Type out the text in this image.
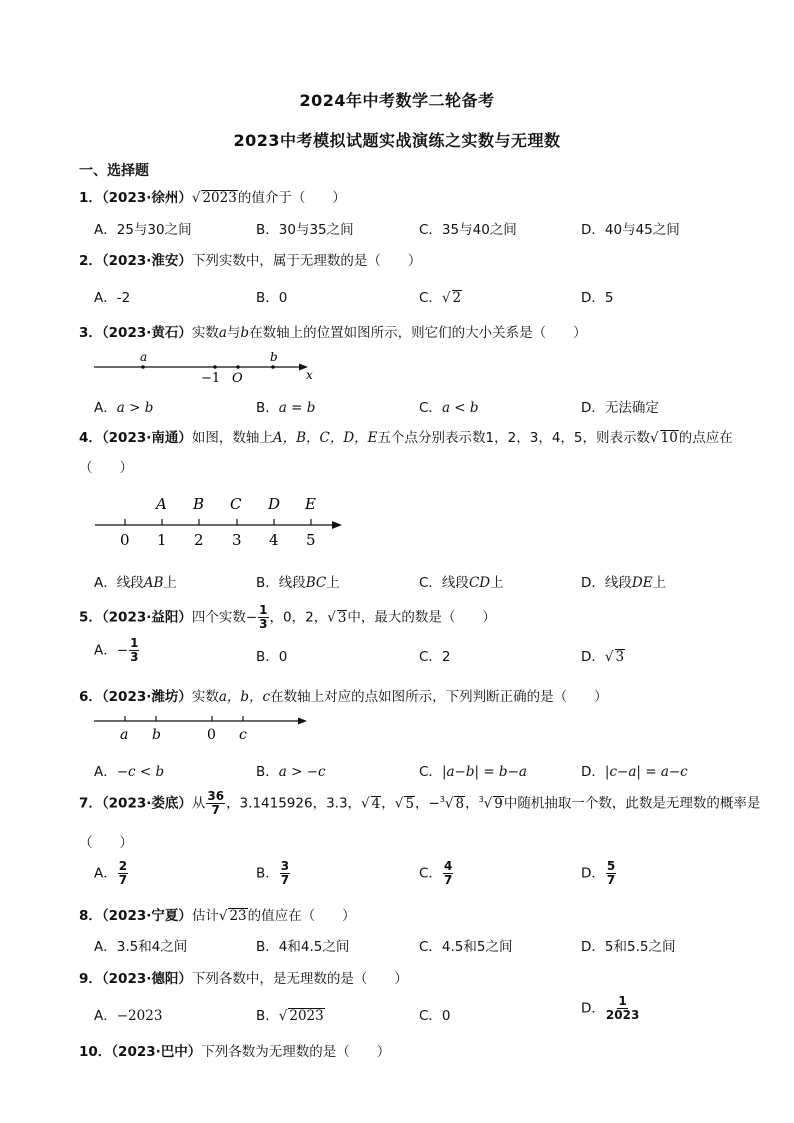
2024年中考数学二轮备考
2023中考模拟试题实战演练之实数与无理数
一、选择题
1．（2023·徐州）√ 2023的值介于（　　）
A．25与30之间	B．30与35之间	C．35与40之间	D．40与45之间
2．（2023·淮安）下列实数中，属于无理数的是（　　）
A．-2	B．0	C．√ 2	D．5
3．（2023·黄石）实数a与b在数轴上的位置如图所示，则它们的大小关系是（　　）
a	b
−1 O	x
A．a > b	B．a = b	C．a < b	D．无法确定
4．（2023·南通）如图，数轴上A，B，C，D，E五个点分别表示数1，2，3，4，5，则表示数√ 10的点应在
（　　）
A B C D E
0 1 2 3 4 5
A．线段AB上	B．线段BC上	C．线段CD上	D．线段DE上
5．（2023·益阳）四个实数− $\frac{1}{3}$ ，0，2，√ 3中，最大的数是（　　）
A．− $\frac{1}{3}$	B．0	C．2	D．√ 3
6．（2023·潍坊）实数a，b，c在数轴上对应的点如图所示，下列判断正确的是（　　）
a b	0 c
A．−c < b	B．a > −c	C．|a−b| = b−a	D．|c−a| = a−c
7．（2023·娄底）从 $\frac{36}{7}$ ，3.1415926，3.3，√ 4，√ 5，−$^3$√ 8，$^3$√ 9中随机抽取一个数，此数是无理数的概率是
（　　）
A． $\frac{2}{7}$	B． $\frac{3}{7}$	C． $\frac{4}{7}$	D． $\frac{5}{7}$
8．（2023·宁夏）估计√ 23的值应在（　　）
A．3.5和4之间	B．4和4.5之间	C．4.5和5之间	D．5和5.5之间
9．（2023·德阳）下列各数中，是无理数的是（　　）
A．−2023	B．√ 2023	C．0	D． $\frac{1}{2023}$
10．（2023·巴中）下列各数为无理数的是（　　）
